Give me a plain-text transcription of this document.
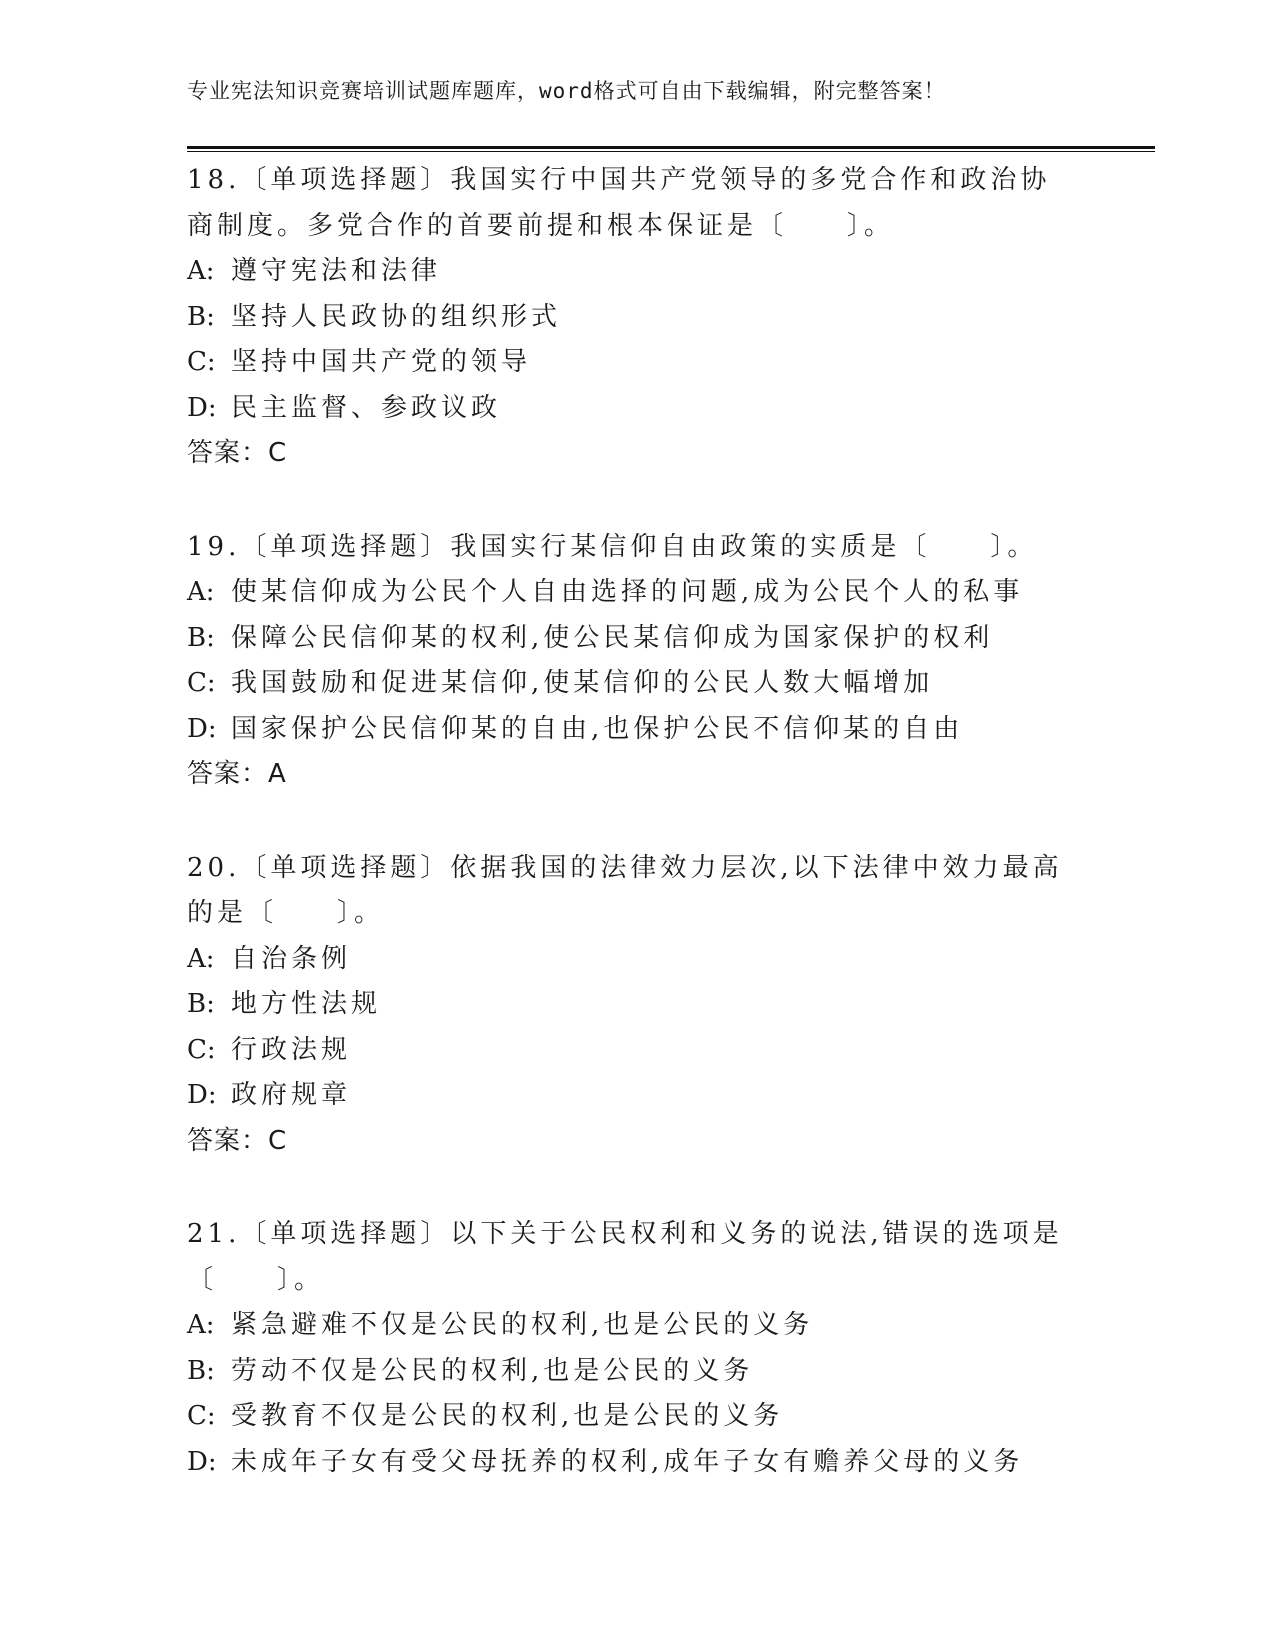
专业宪法知识竞赛培训试题库题库，word格式可自由下载编辑，附完整答案！
18.〔单项选择题〕我国实行中国共产党领导的多党合作和政治协商制度。多党合作的首要前提和根本保证是〔　　〕。
A: 遵守宪法和法律
B: 坚持人民政协的组织形式
C: 坚持中国共产党的领导
D: 民主监督、参政议政
答案：C
19.〔单项选择题〕我国实行某信仰自由政策的实质是〔　　〕。
A: 使某信仰成为公民个人自由选择的问题,成为公民个人的私事
B: 保障公民信仰某的权利,使公民某信仰成为国家保护的权利
C: 我国鼓励和促进某信仰,使某信仰的公民人数大幅增加
D: 国家保护公民信仰某的自由,也保护公民不信仰某的自由
答案：A
20.〔单项选择题〕依据我国的法律效力层次,以下法律中效力最高的是〔　　〕。
A: 自治条例
B: 地方性法规
C: 行政法规
D: 政府规章
答案：C
21.〔单项选择题〕以下关于公民权利和义务的说法,错误的选项是〔　　〕。
A: 紧急避难不仅是公民的权利,也是公民的义务
B: 劳动不仅是公民的权利,也是公民的义务
C: 受教育不仅是公民的权利,也是公民的义务
D: 未成年子女有受父母抚养的权利,成年子女有赡养父母的义务
